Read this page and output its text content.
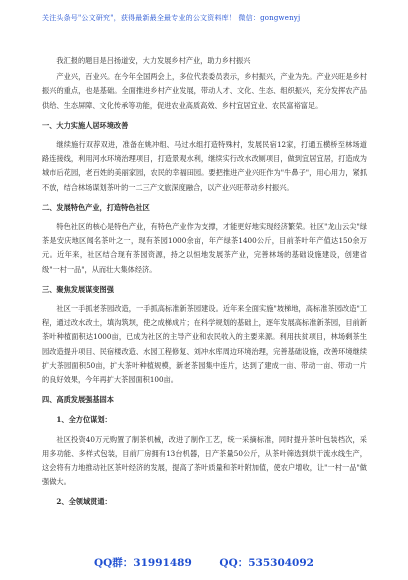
关注头条号"公文研究"，获得最新最全最专业的公文资料库！ 微信：gongwenyj

我汇报的题目是吕扬道安，大力发展乡村产业，助力乡村振兴

产业兴，百业兴。在今年全国两会上，多位代表委员表示，乡村振兴，产业为先。产业兴旺是乡村振兴的重点，也是基础。全面推进乡村产业发展，带动人才、文化、生态、组织振兴，充分发挥农产品供给、生态屏障、文化传承等功能，促进农业高质高效、乡村宜居宜业、农民富裕富足。

一、大力实施人居环境改善

继续施行双荐双进，准备在姚冲组、马过水组打造特殊村，发展民宿12家，打通五横桥至林场道路连接线，利用河水环境治理项目，打造景观水利，继续实行改水改厕项目，做到宜居宜居，打造成为城市后花园，老百姓的美丽家园，农民的幸福田园。要把推进产业兴旺作为"牛鼻子"，用心用力，紧抓不放，结合林场谋划茶叶的一二三产文旅深度融合，以产业兴旺带动乡村振兴。

二、发展特色产业，打造特色社区

特色社区的核心是特色产业，有特色产业作为支撑，才能更好地实现经济繁荣。社区"龙山云尖"绿茶是安庆地区闻名茶叶之一，现有茶园1000余亩，年产绿茶1400公斤，目前茶叶年产值达150余万元。近年来，社区结合现有茶园资源，持之以恒地发展茶产业，完善林场的基础设施建设，创建省级"一村一品"，从而壮大集体经济。

三、聚焦发展谋变图强

社区一手抓老茶园改造，一手抓高标准新茶园建设。近年来全面实施"坡梯地，高标准茶园改造"工程，通过改水改土，填沟筑坝，使之成梯成片；在科学规划的基础上，逐年发展高标准新茶园，目前新茶叶种植面积达1000亩，已成为社区的主导产业和农民收入的主要来源。利用扶贫项目，林场剩茶生园改造提升项目、民宿楼改造、水园工程修复、刘冲水库周边环境治理，完善基础设施，改善环境继续扩大茶园面积50亩，扩大茶叶种植规模，新老茶园集中连片，达到了建成一亩、带动一亩、带动一片的良好效果，今年再扩大茶园面积100亩。

四、高质发展强基固本

1、全方位谋划：

社区投资40万元购置了制茶机械，改进了制作工艺，统一采摘标准，同时提升茶叶包装档次，采用多功能、多样式包装，目前厂房拥有13台机器，日产茶量50公斤，从茶叶筛选到烘干流水线生产，这会将有力地推动社区茶叶经济的发展，提高了茶叶质量和茶叶附加值，使农户增收，让"一村一品"做强做大。

2、全领域贯通：

QQ群：31991489	QQ：535304092
